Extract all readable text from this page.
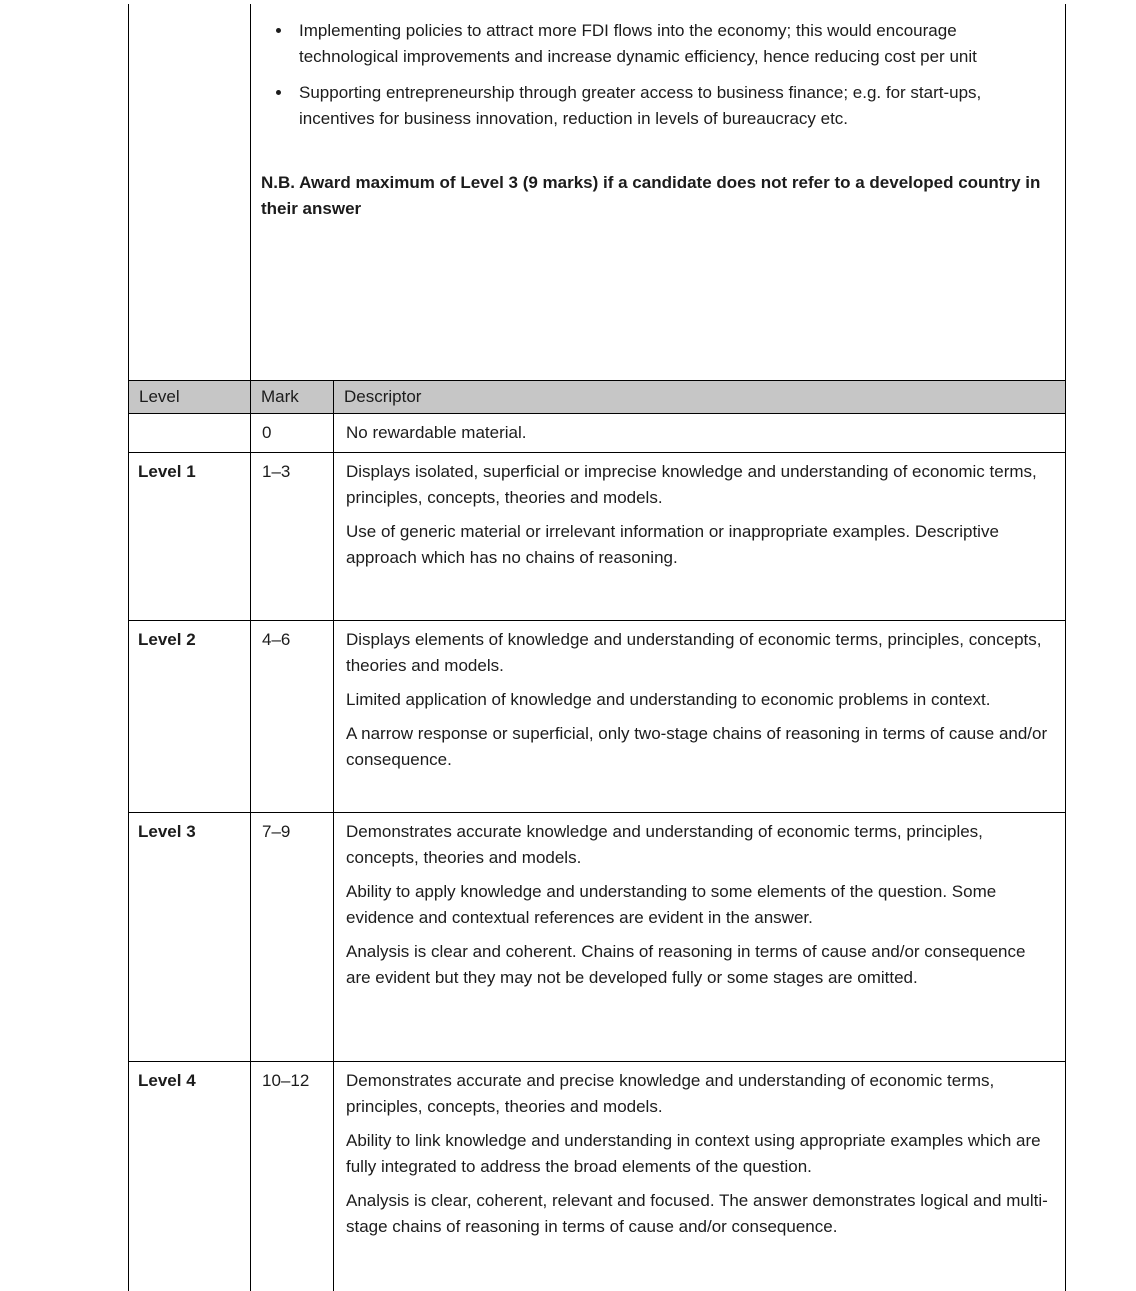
• Implementing policies to attract more FDI flows into the economy; this would encourage technological improvements and increase dynamic efficiency, hence reducing cost per unit
• Supporting entrepreneurship through greater access to business finance; e.g. for start-ups, incentives for business innovation, reduction in levels of bureaucracy etc.

N.B. Award maximum of Level 3 (9 marks) if a candidate does not refer to a developed country in their answer

Level	Mark	Descriptor
	0	No rewardable material.

Level 1	1–3	Displays isolated, superficial or imprecise knowledge and understanding of economic terms, principles, concepts, theories and models.

Use of generic material or irrelevant information or inappropriate examples. Descriptive approach which has no chains of reasoning.

Level 2	4–6	Displays elements of knowledge and understanding of economic terms, principles, concepts, theories and models.

Limited application of knowledge and understanding to economic problems in context.

A narrow response or superficial, only two-stage chains of reasoning in terms of cause and/or consequence.

Level 3	7–9	Demonstrates accurate knowledge and understanding of economic terms, principles, concepts, theories and models.

Ability to apply knowledge and understanding to some elements of the question. Some evidence and contextual references are evident in the answer.

Analysis is clear and coherent. Chains of reasoning in terms of cause and/or consequence are evident but they may not be developed fully or some stages are omitted.

Level 4	10–12	Demonstrates accurate and precise knowledge and understanding of economic terms, principles, concepts, theories and models.

Ability to link knowledge and understanding in context using appropriate examples which are fully integrated to address the broad elements of the question.

Analysis is clear, coherent, relevant and focused. The answer demonstrates logical and multi-stage chains of reasoning in terms of cause and/or consequence.
